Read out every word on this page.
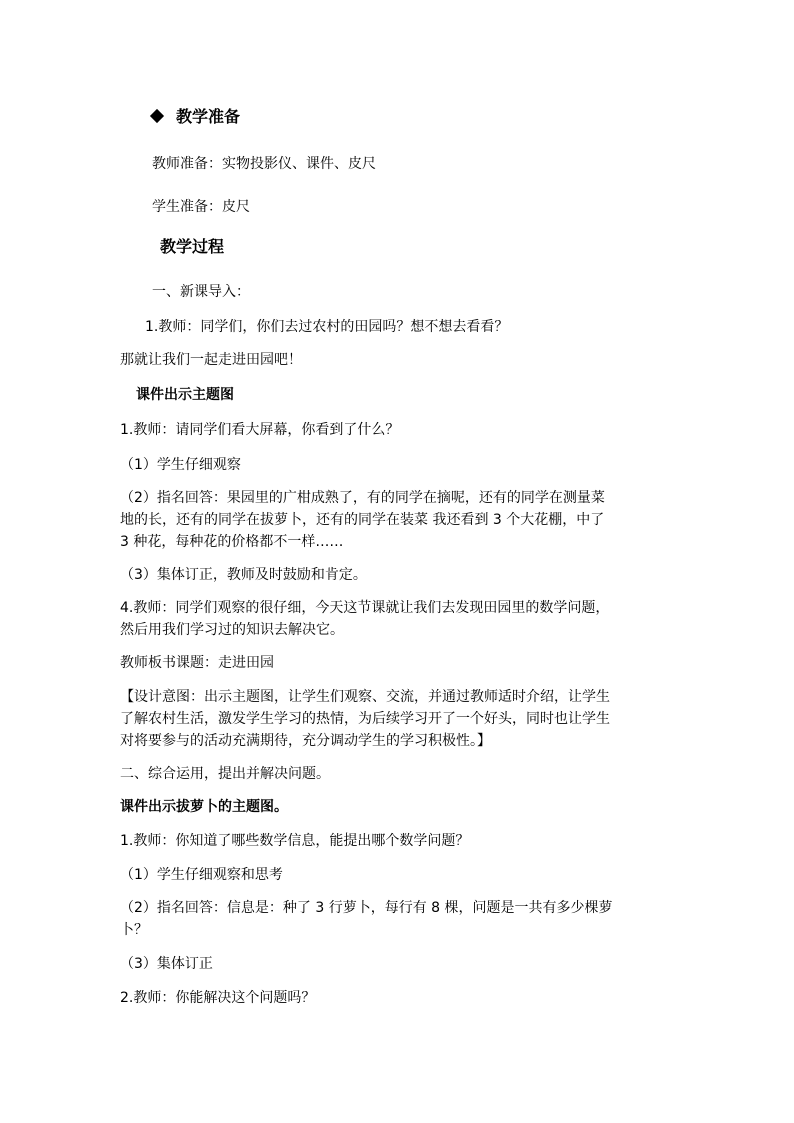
教学准备
教师准备：实物投影仪、课件、皮尺
学生准备：皮尺
教学过程
一、新课导入：
1.教师：同学们，你们去过农村的田园吗？想不想去看看？
那就让我们一起走进田园吧！
课件出示主题图
1.教师：请同学们看大屏幕，你看到了什么？
（1）学生仔细观察
（2）指名回答：果园里的广柑成熟了，有的同学在摘呢，还有的同学在测量菜
地的长，还有的同学在拔萝卜，还有的同学在装菜 我还看到 3 个大花棚，中了
3 种花，每种花的价格都不一样……
（3）集体订正，教师及时鼓励和肯定。
4.教师：同学们观察的很仔细，今天这节课就让我们去发现田园里的数学问题，
然后用我们学习过的知识去解决它。
教师板书课题：走进田园
【设计意图：出示主题图，让学生们观察、交流，并通过教师适时介绍，让学生
了解农村生活，激发学生学习的热情，为后续学习开了一个好头，同时也让学生
对将要参与的活动充满期待，充分调动学生的学习积极性。】
二、综合运用，提出并解决问题。
课件出示拔萝卜的主题图。
1.教师：你知道了哪些数学信息，能提出哪个数学问题？
（1）学生仔细观察和思考
（2）指名回答：信息是：种了 3 行萝卜，每行有 8 棵，问题是一共有多少棵萝
卜？
（3）集体订正
2.教师：你能解决这个问题吗？
